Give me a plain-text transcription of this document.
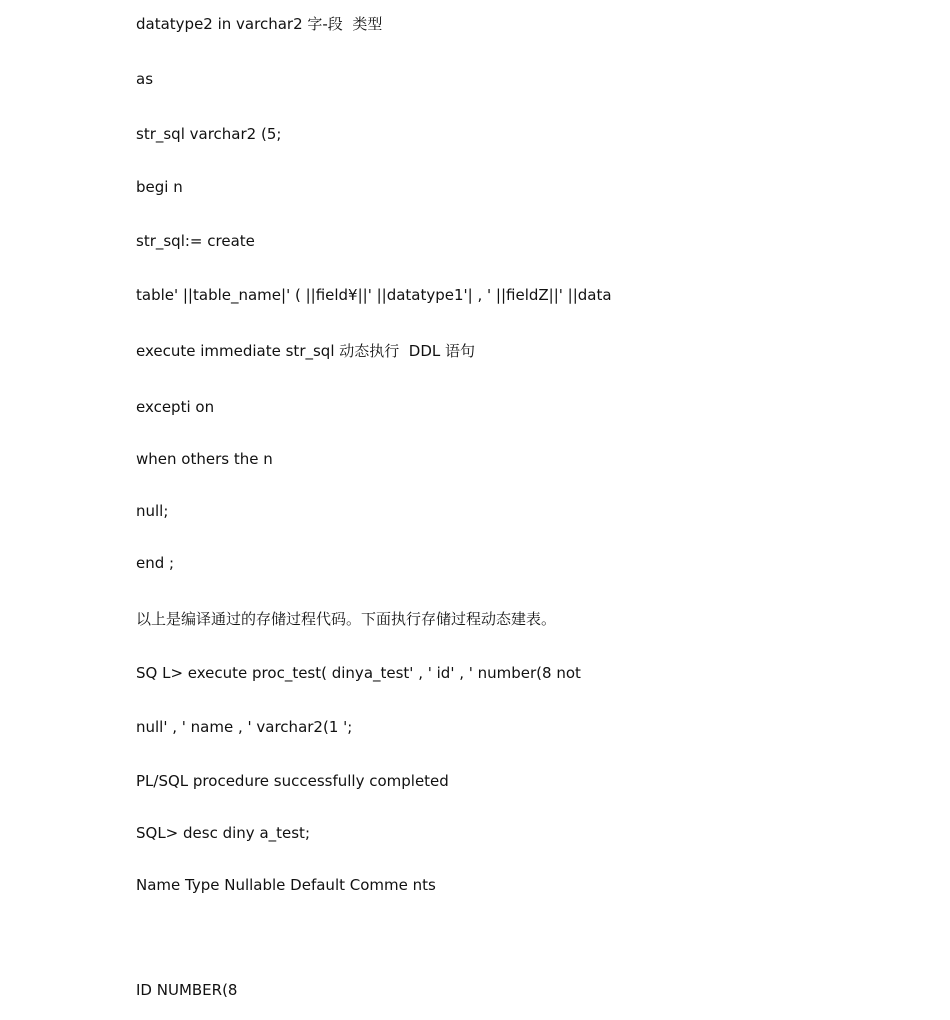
datatype2 in varchar2 字-段  类型
as
str_sql varchar2 (5;
begi n
str_sql:= create
table' ||table_name|' ( ||field¥||' ||datatype1'| , ' ||fieldZ||' ||data
execute immediate str_sql 动态执行  DDL 语句
excepti on
when others the n
null;
end ;
以上是编译通过的存储过程代码。下面执行存储过程动态建表。
SQ L> execute proc_test( dinya_test' , ' id' , ' number(8 not
null' , ' name , ' varchar2(1 ';
PL/SQL procedure successfully completed
SQL> desc diny a_test;
Name Type Nullable Default Comme nts
ID NUMBER(8
